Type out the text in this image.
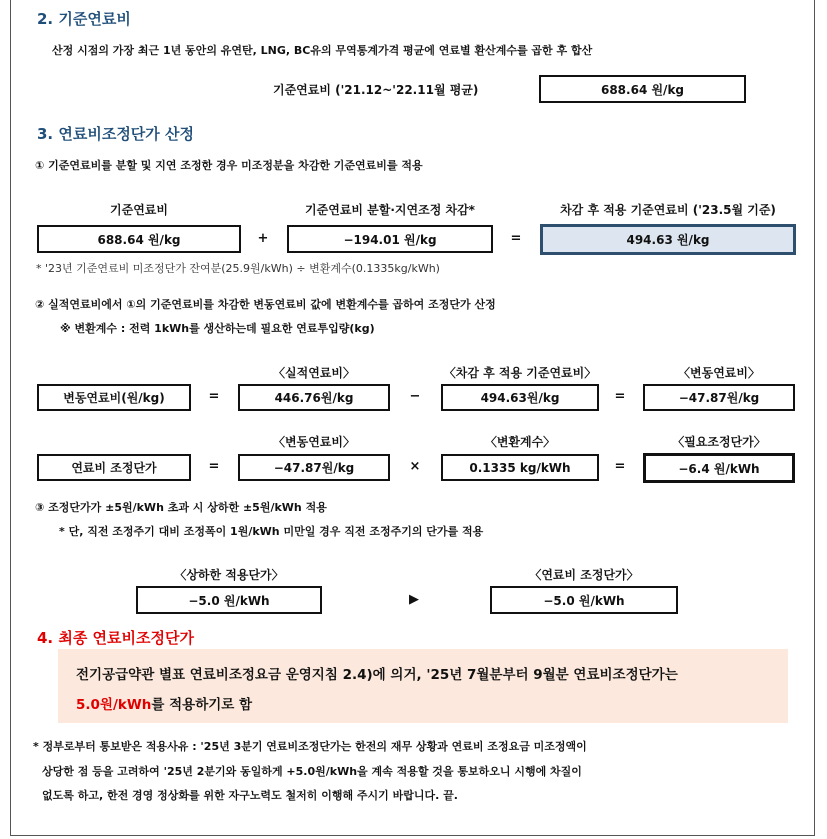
2. 기준연료비
산정 시점의 가장 최근 1년 동안의 유연탄, LNG, BC유의 무역통계가격 평균에 연료별 환산계수를 곱한 후 합산
기준연료비 ('21.12~'22.11월 평균)	688.64 원/kg
3. 연료비조정단가 산정
① 기준연료비를 분할 및 지연 조정한 경우 미조정분을 차감한 기준연료비를 적용
기준연료비	기준연료비 분할·지연조정 차감*	차감 후 적용 기준연료비 ('23.5월 기준)
688.64 원/kg	+	−194.01 원/kg	=	494.63 원/kg
* '23년 기준연료비 미조정단가 잔여분(25.9원/kWh) ÷ 변환계수(0.1335kg/kWh)
② 실적연료비에서 ①의 기준연료비를 차감한 변동연료비 값에 변환계수를 곱하여 조정단가 산정
※ 변환계수 : 전력 1kWh를 생산하는데 필요한 연료투입량(kg)
〈실적연료비〉	〈차감 후 적용 기준연료비〉	〈변동연료비〉
변동연료비(원/kg)	=	446.76원/kg	−	494.63원/kg	=	−47.87원/kg
〈변동연료비〉	〈변환계수〉	〈필요조정단가〉
연료비 조정단가	=	−47.87원/kg	×	0.1335 kg/kWh	=	−6.4 원/kWh
③ 조정단가가 ±5원/kWh 초과 시 상하한 ±5원/kWh 적용
* 단, 직전 조정주기 대비 조정폭이 1원/kWh 미만일 경우 직전 조정주기의 단가를 적용
〈상하한 적용단가〉	〈연료비 조정단가〉
−5.0 원/kWh	▶	−5.0 원/kWh
4. 최종 연료비조정단가

전기공급약관 별표 연료비조정요금 운영지침 2.4)에 의거, '25년 7월분부터 9월분 연료비조정단가는

5.0원/kWh를 적용하기로 함

* 정부로부터 통보받은 적용사유 : '25년 3분기 연료비조정단가는 한전의 재무 상황과 연료비 조정요금 미조정액이
상당한 점 등을 고려하여 '25년 2분기와 동일하게 +5.0원/kWh을 계속 적용할 것을 통보하오니 시행에 차질이
없도록 하고, 한전 경영 정상화를 위한 자구노력도 철저히 이행해 주시기 바랍니다. 끝.
